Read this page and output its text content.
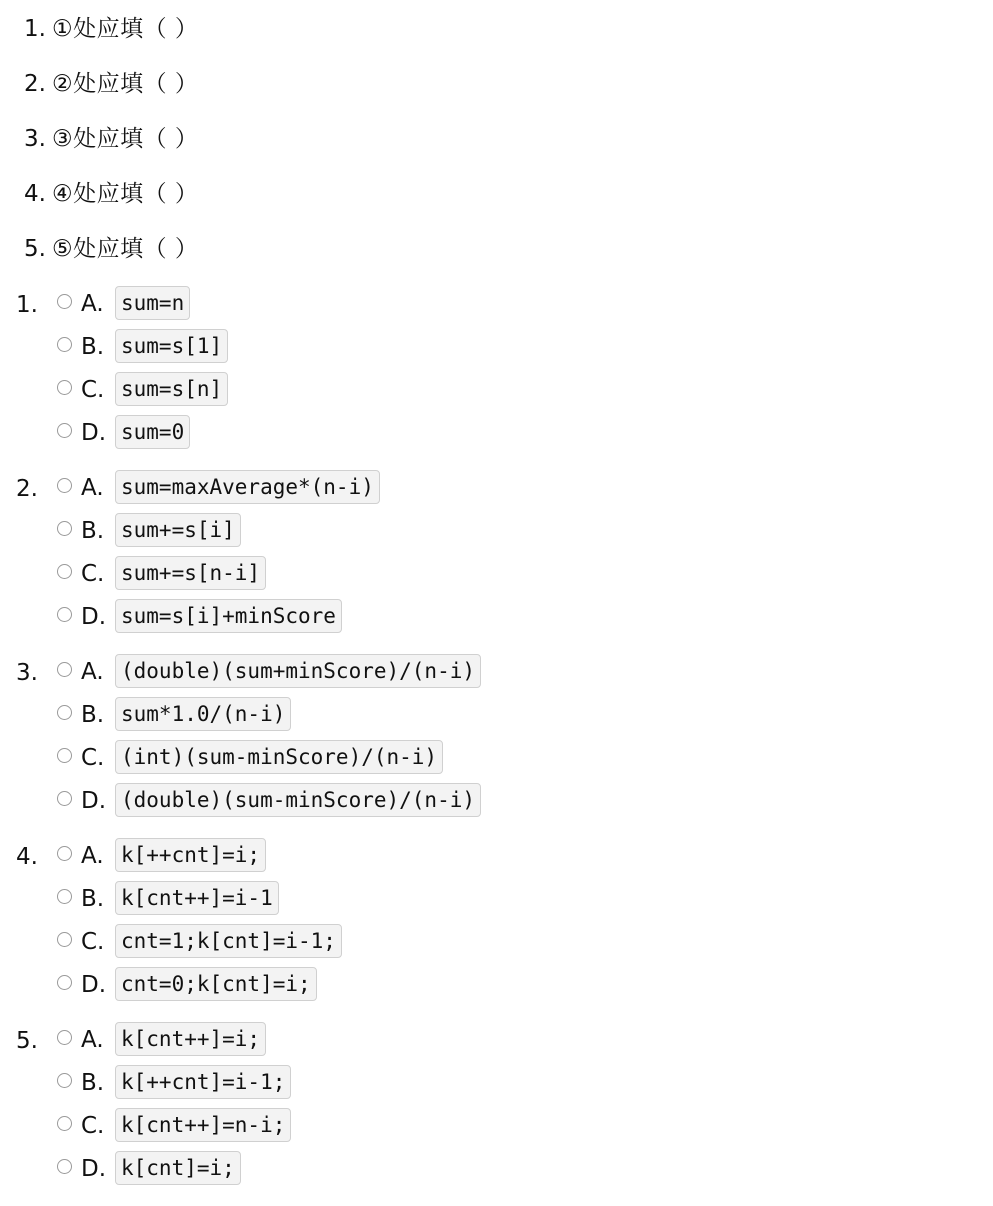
1. ①处应填（ ）
2. ②处应填（ ）
3. ③处应填（ ）
4. ④处应填（ ）
5. ⑤处应填（ ）
1. A. sum=n
B. sum=s[1]
C. sum=s[n]
D. sum=0
2. A. sum=maxAverage*(n-i)
B. sum+=s[i]
C. sum+=s[n-i]
D. sum=s[i]+minScore
3. A. (double)(sum+minScore)/(n-i)
B. sum*1.0/(n-i)
C. (int)(sum-minScore)/(n-i)
D. (double)(sum-minScore)/(n-i)
4. A. k[++cnt]=i;
B. k[cnt++]=i-1
C. cnt=1;k[cnt]=i-1;
D. cnt=0;k[cnt]=i;
5. A. k[cnt++]=i;
B. k[++cnt]=i-1;
C. k[cnt++]=n-i;
D. k[cnt]=i;
